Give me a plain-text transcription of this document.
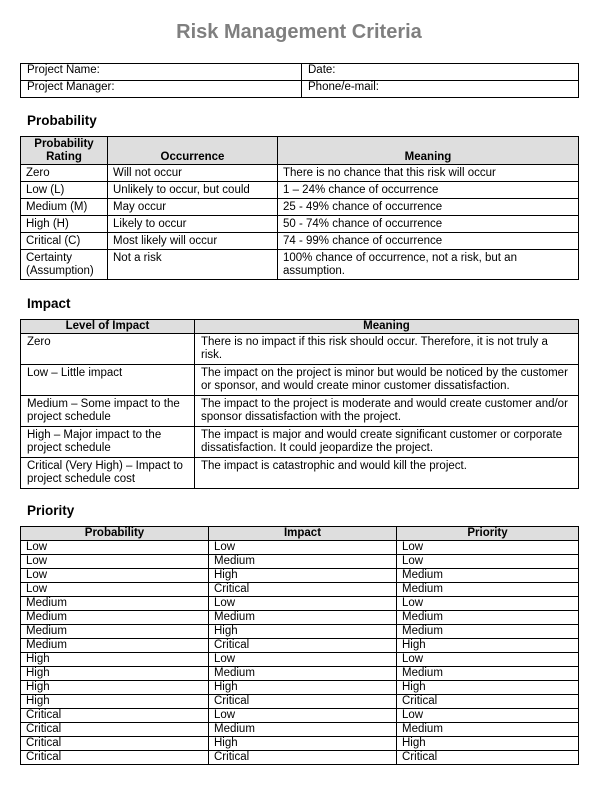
Risk Management Criteria
Project Name:	Date:
Project Manager:	Phone/e-mail:
Probability
Probability Rating	Occurrence	Meaning
Zero	Will not occur	There is no chance that this risk will occur
Low (L)	Unlikely to occur, but could	1 – 24% chance of occurrence
Medium (M)	May occur	25 - 49% chance of occurrence
High (H)	Likely to occur	50 - 74% chance of occurrence
Critical (C)	Most likely will occur	74 - 99% chance of occurrence
Certainty (Assumption)	Not a risk	100% chance of occurrence, not a risk, but an assumption.
Impact
Level of Impact	Meaning
Zero	There is no impact if this risk should occur. Therefore, it is not truly a risk.
Low – Little impact	The impact on the project is minor but would be noticed by the customer or sponsor, and would create minor customer dissatisfaction.
Medium – Some impact to the project schedule	The impact to the project is moderate and would create customer and/or sponsor dissatisfaction with the project.
High – Major impact to the project schedule	The impact is major and would create significant customer or corporate dissatisfaction. It could jeopardize the project.
Critical (Very High) – Impact to project schedule cost	The impact is catastrophic and would kill the project.
Priority
Probability	Impact	Priority
Low	Low	Low
Low	Medium	Low
Low	High	Medium
Low	Critical	Medium
Medium	Low	Low
Medium	Medium	Medium
Medium	High	Medium
Medium	Critical	High
High	Low	Low
High	Medium	Medium
High	High	High
High	Critical	Critical
Critical	Low	Low
Critical	Medium	Medium
Critical	High	High
Critical	Critical	Critical
